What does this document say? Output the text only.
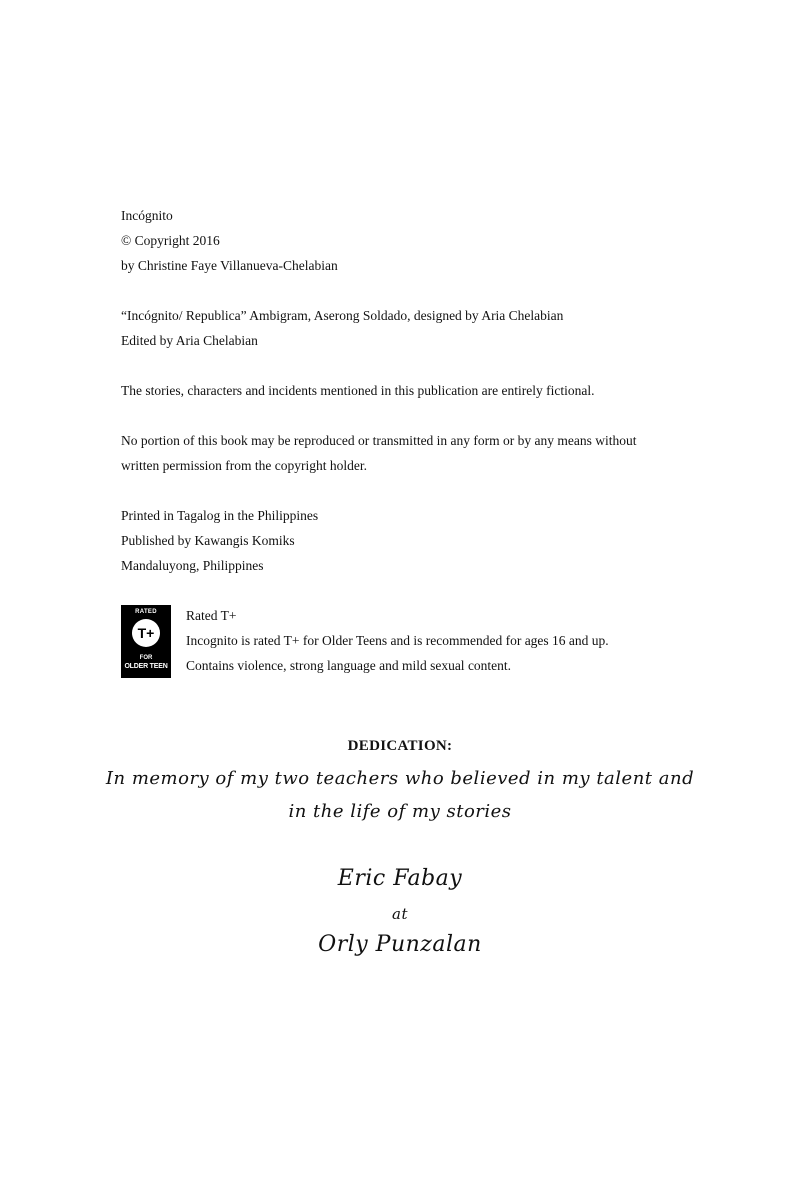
Incógnito
© Copyright 2016
by Christine Faye Villanueva-Chelabian
“Incógnito/ Republica” Ambigram, Aserong Soldado, designed by Aria Chelabian
Edited by Aria Chelabian
The stories, characters and incidents mentioned in this publication are entirely fictional.
No portion of this book may be reproduced or transmitted in any form or by any means without
written permission from the copyright holder.
Printed in Tagalog in the Philippines
Published by Kawangis Komiks
Mandaluyong, Philippines
RATED
T+
FOR
OLDER TEEN
Rated T+
Incognito is rated T+ for Older Teens and is recommended for ages 16 and up.
Contains violence, strong language and mild sexual content.
DEDICATION:
In memory of my two teachers who believed in my talent and
in the life of my stories
Eric Fabay
at
Orly Punzalan
